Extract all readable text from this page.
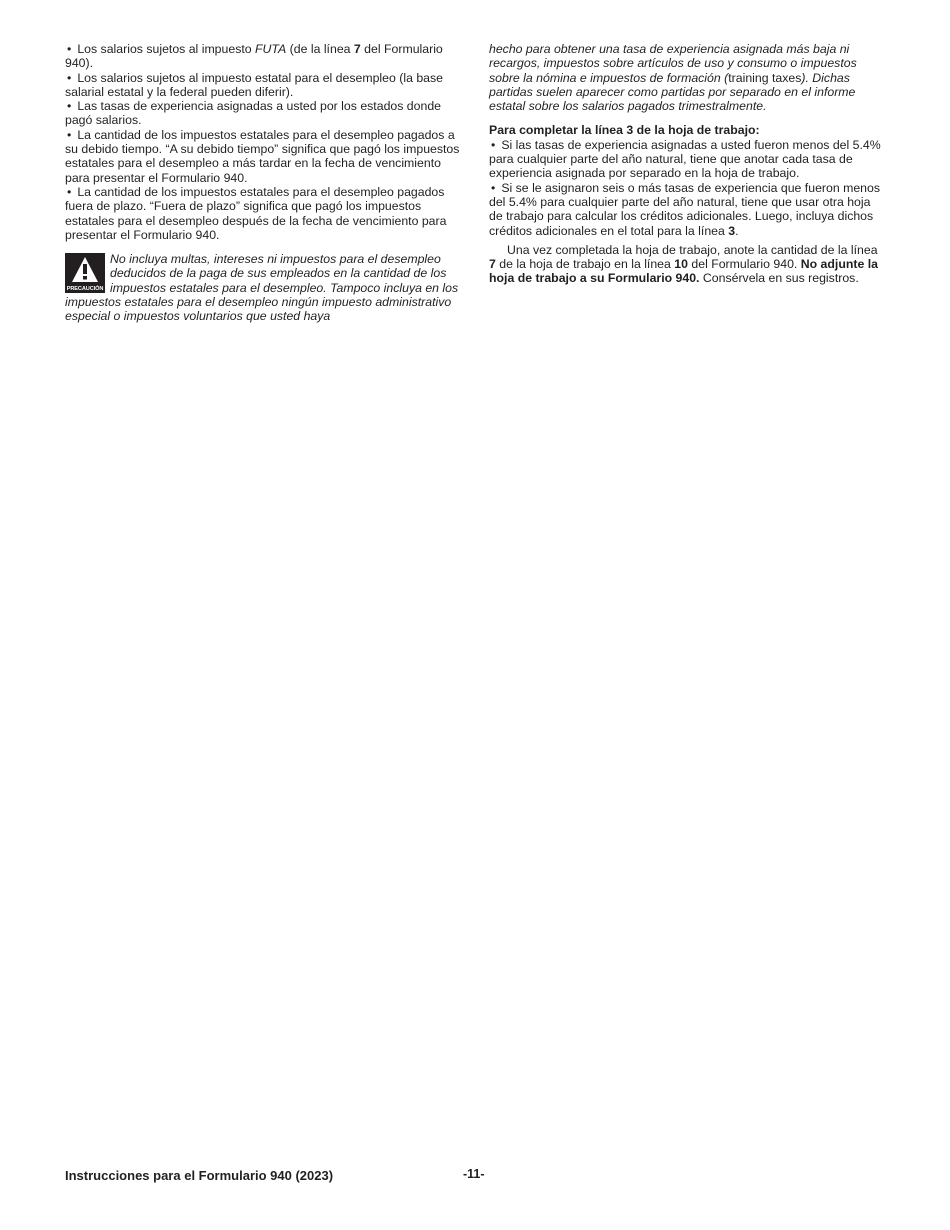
• Los salarios sujetos al impuesto FUTA (de la línea 7 del Formulario 940).

• Los salarios sujetos al impuesto estatal para el desempleo (la base salarial estatal y la federal pueden diferir).

• Las tasas de experiencia asignadas a usted por los estados donde pagó salarios.

• La cantidad de los impuestos estatales para el desempleo pagados a su debido tiempo. “A su debido tiempo” significa que pagó los impuestos estatales para el desempleo a más tardar en la fecha de vencimiento para presentar el Formulario 940.

• La cantidad de los impuestos estatales para el desempleo pagados fuera de plazo. “Fuera de plazo” significa que pagó los impuestos estatales para el desempleo después de la fecha de vencimiento para presentar el Formulario 940.

PRECAUCIÓN

No incluya multas, intereses ni impuestos para el desempleo deducidos de la paga de sus empleados en la cantidad de los impuestos estatales para el desempleo. Tampoco incluya en los impuestos estatales para el desempleo ningún impuesto administrativo especial o impuestos voluntarios que usted haya

hecho para obtener una tasa de experiencia asignada más baja ni recargos, impuestos sobre artículos de uso y consumo o impuestos sobre la nómina e impuestos de formación (training taxes). Dichas partidas suelen aparecer como partidas por separado en el informe estatal sobre los salarios pagados trimestralmente.

Para completar la línea 3 de la hoja de trabajo:

• Si las tasas de experiencia asignadas a usted fueron menos del 5.4% para cualquier parte del año natural, tiene que anotar cada tasa de experiencia asignada por separado en la hoja de trabajo.

• Si se le asignaron seis o más tasas de experiencia que fueron menos del 5.4% para cualquier parte del año natural, tiene que usar otra hoja de trabajo para calcular los créditos adicionales. Luego, incluya dichos créditos adicionales en el total para la línea 3.

Una vez completada la hoja de trabajo, anote la cantidad de la línea 7 de la hoja de trabajo en la línea 10 del Formulario 940. No adjunte la hoja de trabajo a su Formulario 940. Consérvela en sus registros.

Instrucciones para el Formulario 940 (2023)	-11-
